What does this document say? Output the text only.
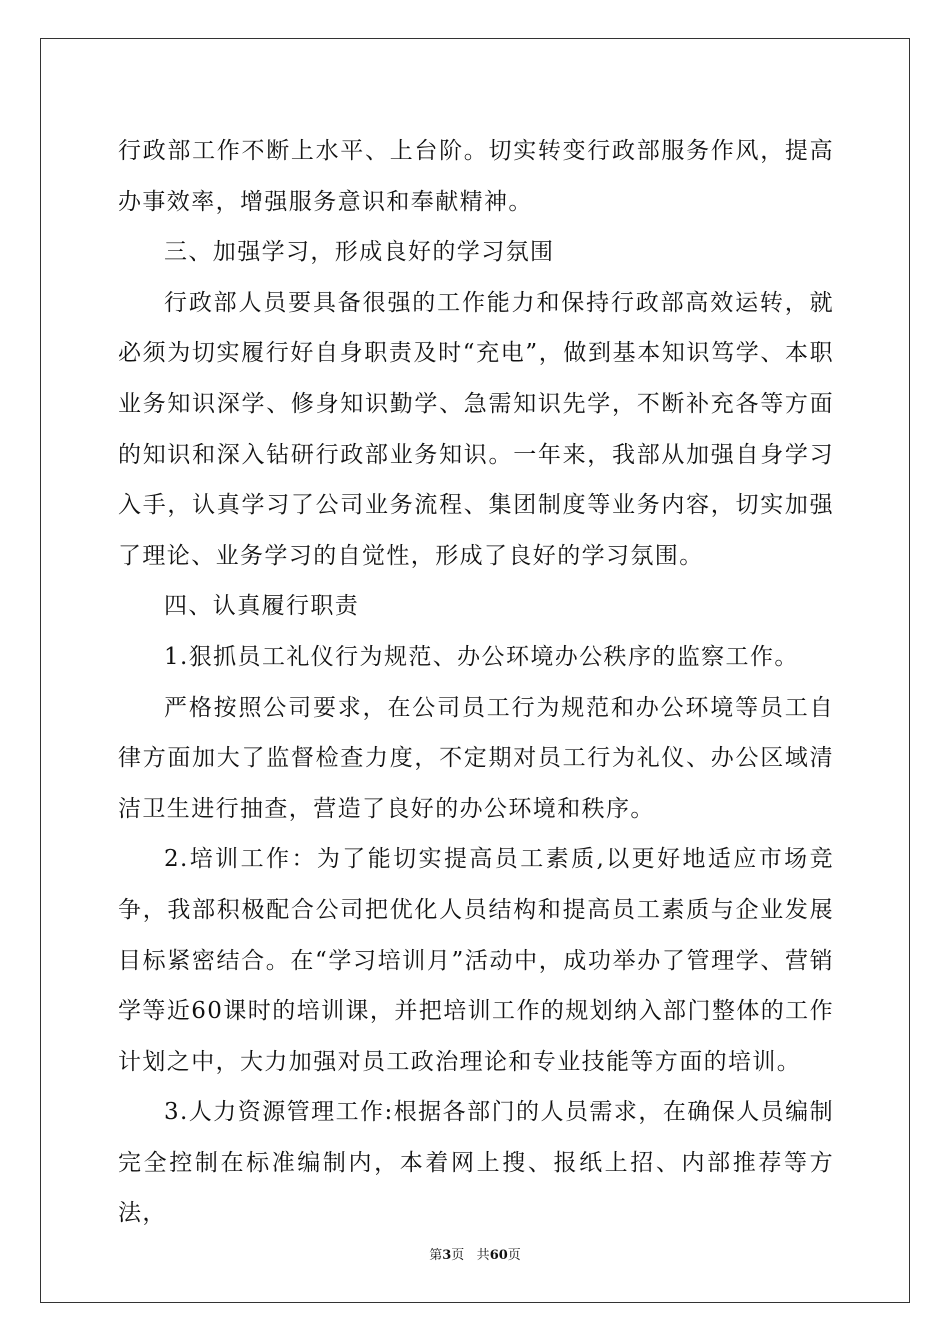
行政部工作不断上水平、上台阶。切实转变行政部服务作风，提高办事效率，增强服务意识和奉献精神。

三、加强学习，形成良好的学习氛围

行政部人员要具备很强的工作能力和保持行政部高效运转，就必须为切实履行好自身职责及时“充电”，做到基本知识笃学、本职业务知识深学、修身知识勤学、急需知识先学，不断补充各等方面的知识和深入钻研行政部业务知识。一年来，我部从加强自身学习入手，认真学习了公司业务流程、集团制度等业务内容，切实加强了理论、业务学习的自觉性，形成了良好的学习氛围。

四、认真履行职责

1.狠抓员工礼仪行为规范、办公环境办公秩序的监察工作。

严格按照公司要求，在公司员工行为规范和办公环境等员工自律方面加大了监督检查力度，不定期对员工行为礼仪、办公区域清洁卫生进行抽查，营造了良好的办公环境和秩序。

2.培训工作：为了能切实提高员工素质,以更好地适应市场竞争，我部积极配合公司把优化人员结构和提高员工素质与企业发展目标紧密结合。在“学习培训月”活动中，成功举办了管理学、营销学等近60课时的培训课，并把培训工作的规划纳入部门整体的工作计划之中，大力加强对员工政治理论和专业技能等方面的培训。

3.人力资源管理工作:根据各部门的人员需求，在确保人员编制完全控制在标准编制内，本着网上搜、报纸上招、内部推荐等方法，

第3页 共60页
